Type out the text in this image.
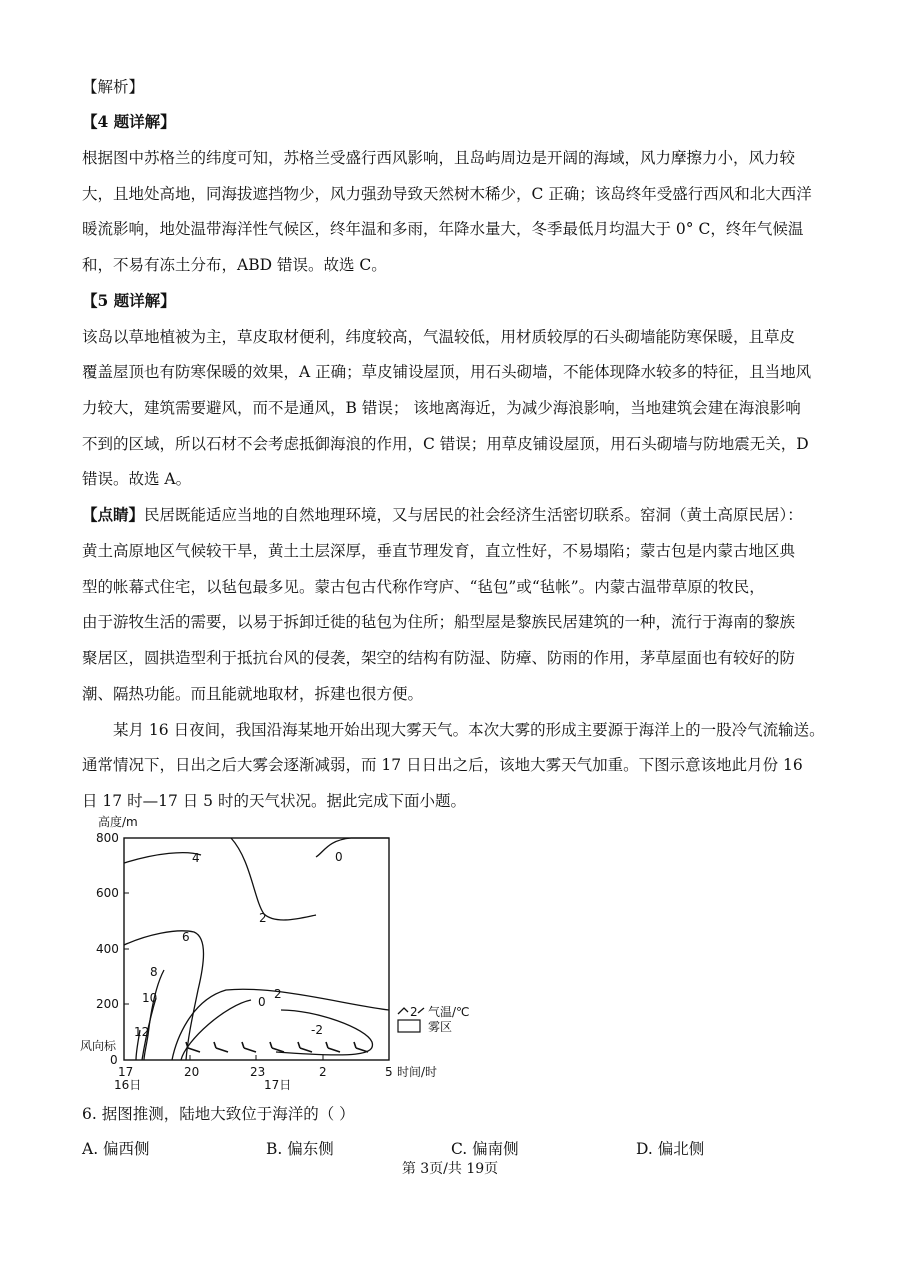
【解析】
【4 题详解】
根据图中苏格兰的纬度可知，苏格兰受盛行西风影响，且岛屿周边是开阔的海域，风力摩擦力小，风力较
大，且地处高地，同海拔遮挡物少，风力强劲导致天然树木稀少，C 正确；该岛终年受盛行西风和北大西洋
暖流影响，地处温带海洋性气候区，终年温和多雨，年降水量大，冬季最低月均温大于 0° C，终年气候温
和，不易有冻土分布，ABD 错误。故选 C。
【5 题详解】
该岛以草地植被为主，草皮取材便利，纬度较高，气温较低，用材质较厚的石头砌墙能防寒保暖，且草皮
覆盖屋顶也有防寒保暖的效果，A 正确；草皮铺设屋顶，用石头砌墙，不能体现降水较多的特征，且当地风
力较大，建筑需要避风，而不是通风，B 错误； 该地离海近，为减少海浪影响，当地建筑会建在海浪影响
不到的区域，所以石材不会考虑抵御海浪的作用，C 错误；用草皮铺设屋顶，用石头砌墙与防地震无关，D
错误。故选 A。
【点睛】民居既能适应当地的自然地理环境，又与居民的社会经济生活密切联系。窑洞（黄土高原民居）：
黄土高原地区气候较干旱，黄土土层深厚，垂直节理发育，直立性好，不易塌陷；蒙古包是内蒙古地区典
型的帐幕式住宅，以毡包最多见。蒙古包古代称作穹庐、“毡包”或“毡帐”。内蒙古温带草原的牧民，
由于游牧生活的需要，以易于拆卸迁徙的毡包为住所；船型屋是黎族民居建筑的一种，流行于海南的黎族
聚居区，圆拱造型利于抵抗台风的侵袭，架空的结构有防湿、防瘴、防雨的作用，茅草屋面也有较好的防
潮、隔热功能。而且能就地取材，拆建也很方便。
某月 16 日夜间，我国沿海某地开始出现大雾天气。本次大雾的形成主要源于海洋上的一股冷气流输送。
通常情况下，日出之后大雾会逐渐减弱，而 17 日日出之后，该地大雾天气加重。下图示意该地此月份 16
日 17 时—17 日 5 时的天气状况。据此完成下面小题。
高度/m
800
600
400
200
0
17	20	23	2	5 时间/时
16日	17日
风向标
0
4
2
6
8
10
12
0
2
-2
2 气温/℃
雾区
6. 据图推测，陆地大致位于海洋的（ ）
A. 偏西侧	B. 偏东侧	C. 偏南侧	D. 偏北侧
第 3页/共 19页
